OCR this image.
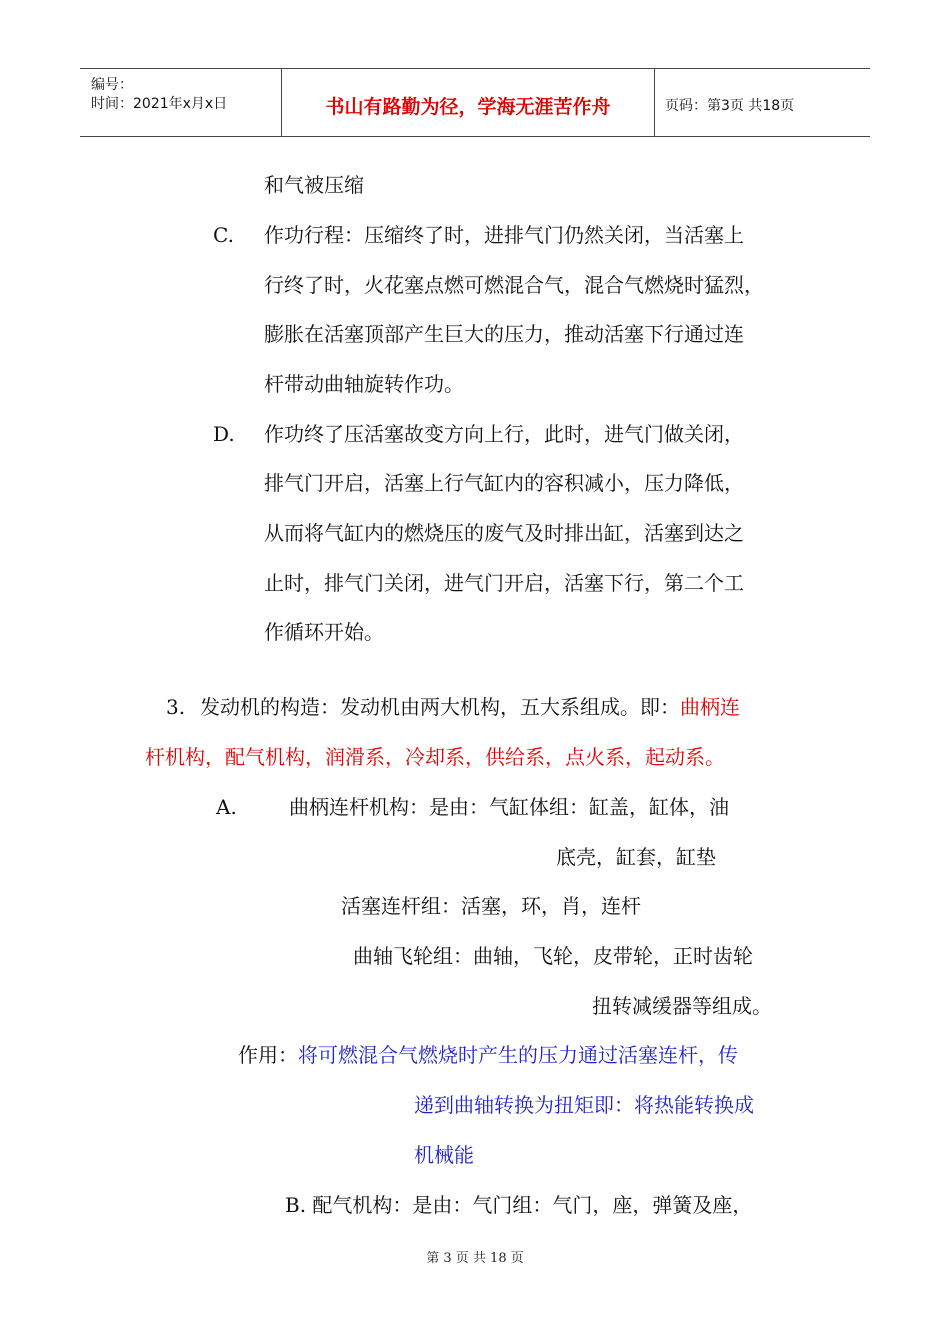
编号：
时间：2021年x月x日	书山有路勤为径，学海无涯苦作舟	页码：第3页 共18页
和气被压缩
C. 作功行程：压缩终了时，进排气门仍然关闭，当活塞上
行终了时，火花塞点燃可燃混合气，混合气燃烧时猛烈，
膨胀在活塞顶部产生巨大的压力，推动活塞下行通过连
杆带动曲轴旋转作功。
D. 作功终了压活塞故变方向上行，此时，进气门做关闭，
排气门开启，活塞上行气缸内的容积减小，压力降低，
从而将气缸内的燃烧压的废气及时排出缸，活塞到达之
止时，排气门关闭，进气门开启，活塞下行，第二个工
作循环开始。
3. 发动机的构造：发动机由两大机构，五大系组成。即：曲柄连
杆机构，配气机构，润滑系，冷却系，供给系，点火系，起动系。
A.	曲柄连杆机构：是由：气缸体组：缸盖，缸体，油
底壳，缸套，缸垫
活塞连杆组：活塞，环，肖，连杆
曲轴飞轮组：曲轴，飞轮，皮带轮，正时齿轮
扭转减缓器等组成。
作用：将可燃混合气燃烧时产生的压力通过活塞连杆，传
递到曲轴转换为扭矩即：将热能转换成
机械能
B. 配气机构：是由：气门组：气门，座，弹簧及座，
第 3 页 共 18 页
